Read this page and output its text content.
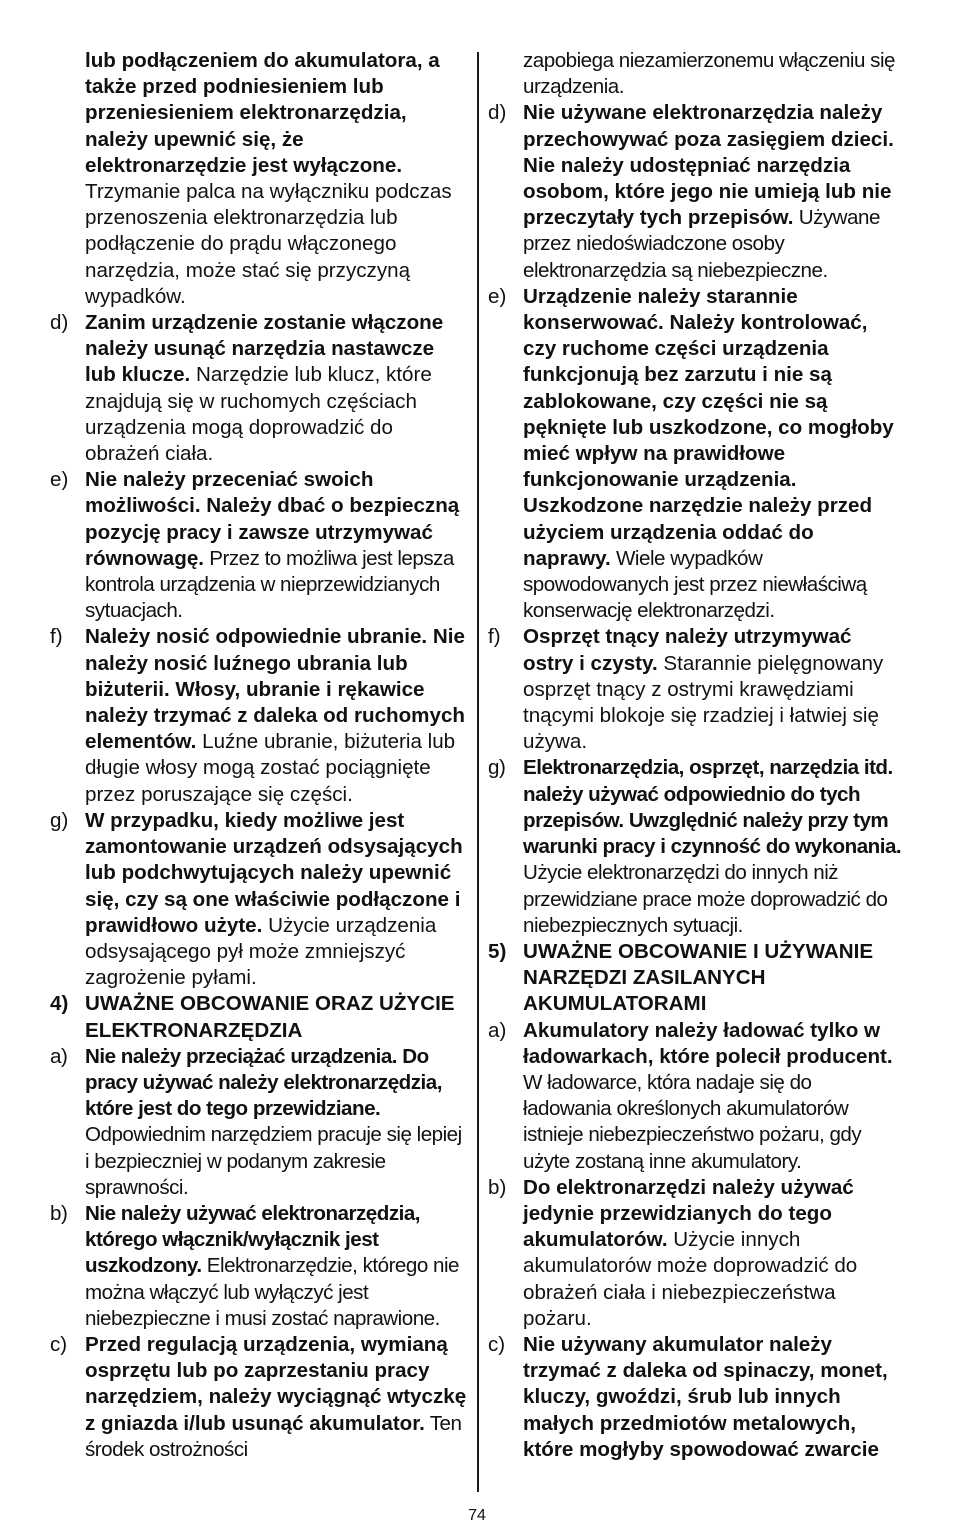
lub podłączeniem do akumulatora, a także przed podniesieniem lub przeniesieniem elektronarzędzia, należy upewnić się, że elektronarzędzie jest wyłączone. Trzymanie palca na wyłączniku podczas przenoszenia elektronarzędzia lub podłączenie do prądu włączonego narzędzia, może stać się przyczyną wypadków.
d) Zanim urządzenie zostanie włączone należy usunąć narzędzia nastawcze lub klucze. Narzędzie lub klucz, które znajdują się w ruchomych częściach urządzenia mogą doprowadzić do obrażeń ciała.
e) Nie należy przeceniać swoich możliwości. Należy dbać o bezpieczną pozycję pracy i zawsze utrzymywać równowagę. Przez to możliwa jest lepsza kontrola urządzenia w nieprzewidzianych sytuacjach.
f)	Należy nosić odpowiednie ubranie. Nie należy nosić luźnego ubrania lub biżuterii. Włosy, ubranie i rękawice należy trzymać z daleka od ruchomych elementów. Luźne ubranie, biżuteria lub długie włosy mogą zostać pociągnięte przez poruszające się części.
g) W przypadku, kiedy możliwe jest zamontowanie urządzeń odsysających lub podchwytujących należy upewnić się, czy są one właściwie podłączone i prawidłowo użyte. Użycie urządzenia odsysającego pył może zmniejszyć zagrożenie pyłami.
4) UWAŻNE OBCOWANIE ORAZ UŻYCIE ELEKTRONARZĘDZIA
a) Nie należy przeciążać urządzenia. Do pracy używać należy elektronarzędzia, które jest do tego przewidziane. Odpowiednim narzędziem pracuje się lepiej i bezpieczniej w podanym zakresie sprawności.
b) Nie należy używać elektronarzędzia, którego włącznik/wyłącznik jest uszkodzony. Elektronarzędzie, którego nie można włączyć lub wyłączyć jest niebezpieczne i musi zostać naprawione.
c) Przed regulacją urządzenia, wymianą osprzętu lub po zaprzestaniu pracy narzędziem, należy wyciągnąć wtyczkę z gniazda i/lub usunąć akumulator. Ten środek ostrożności
zapobiega niezamierzonemu włączeniu się urządzenia.
d) Nie używane elektronarzędzia należy przechowywać poza zasięgiem dzieci. Nie należy udostępniać narzędzia osobom, które jego nie umieją lub nie przeczytały tych przepisów. Używane przez niedoświadczone osoby elektronarzędzia są niebezpieczne.
e) Urządzenie należy starannie konserwować. Należy kontrolować, czy ruchome części urządzenia funkcjonują bez zarzutu i nie są zablokowane, czy części nie są pęknięte lub uszkodzone, co mogłoby mieć wpływ na prawidłowe funkcjonowanie urządzenia. Uszkodzone narzędzie należy przed użyciem urządzenia oddać do naprawy. Wiele wypadków spowodowanych jest przez niewłaściwą konserwację elektronarzędzi.
f)	Osprzęt tnący należy utrzymywać ostry i czysty. Starannie pielęgnowany osprzęt tnący z ostrymi krawędziami tnącymi blokoje się rzadziej i łatwiej się używa.
g) Elektronarzędzia, osprzęt, narzędzia itd. należy używać odpowiednio do tych przepisów. Uwzględnić należy przy tym warunki pracy i czynność do wykonania. Użycie elektronarzędzi do innych niż przewidziane prace może doprowadzić do niebezpiecznych sytuacji.
5) UWAŻNE OBCOWANIE I UŻYWANIE NARZĘDZI ZASILANYCH AKUMULATORAMI
a) Akumulatory należy ładować tylko w ładowarkach, które polecił producent. W ładowarce, która nadaje się do ładowania określonych akumulatorów istnieje niebezpieczeństwo pożaru, gdy użyte zostaną inne akumulatory.
b) Do elektronarzędzi należy używać jedynie przewidzianych do tego akumulatorów. Użycie innych akumulatorów może doprowadzić do obrażeń ciała i niebezpieczeństwa pożaru.
c) Nie używany akumulator należy trzymać z daleka od spinaczy, monet, kluczy, gwoździ, śrub lub innych małych przedmiotów metalowych, które mogłyby spowodować zwarcie
74
